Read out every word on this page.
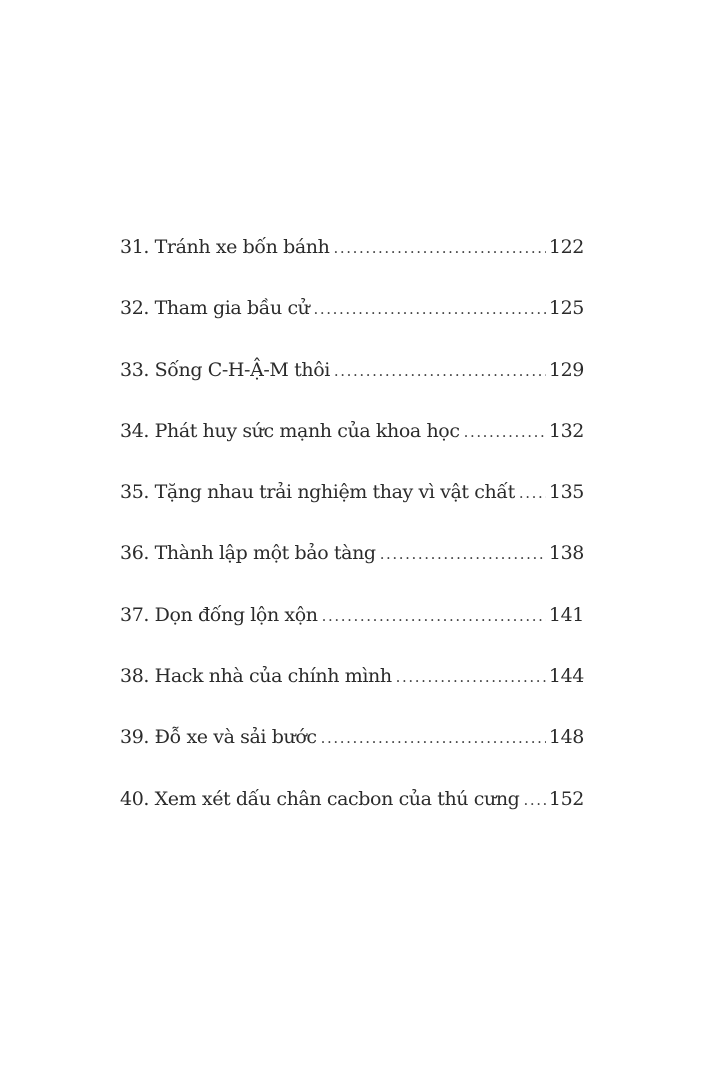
31. Tránh xe bốn bánh .....	122
32. Tham gia bầu cử .....	125
33. Sống C-H-Ậ-M thôi .....	129
34. Phát huy sức mạnh của khoa học .....	132
35. Tặng nhau trải nghiệm thay vì vật chất ..... 135
36. Thành lập một bảo tàng .....	138
37. Dọn đống lộn xộn .....	141
38. Hack nhà của chính mình .....	144
39. Đỗ xe và sải bước .....	148
40. Xem xét dấu chân cacbon của thú cưng ..... 152
